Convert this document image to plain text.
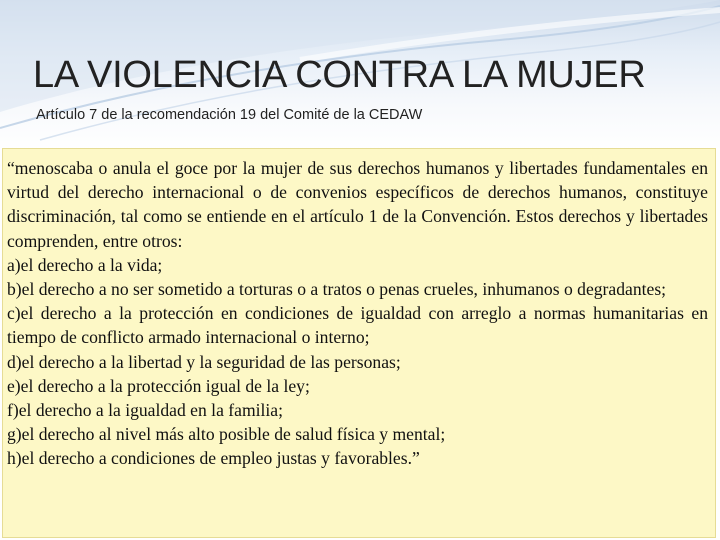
LA VIOLENCIA CONTRA LA MUJER

Artículo 7 de la recomendación 19 del Comité de la CEDAW

“menoscaba o anula el goce por la mujer de sus derechos humanos y libertades fundamentales en virtud del derecho internacional o de convenios específicos de derechos humanos, constituye discriminación, tal como se entiende en el artículo 1 de la Convención. Estos derechos y libertades comprenden, entre otros:

a)el derecho a la vida;

b)el derecho a no ser sometido a torturas o a tratos o penas crueles, inhumanos o degradantes;

c)el derecho a la protección en condiciones de igualdad con arreglo a normas humanitarias en tiempo de conflicto armado internacional o interno;

d)el derecho a la libertad y la seguridad de las personas;

e)el derecho a la protección igual de la ley;

f)el derecho a la igualdad en la familia;

g)el derecho al nivel más alto posible de salud física y mental;

h)el derecho a condiciones de empleo justas y favorables.”
